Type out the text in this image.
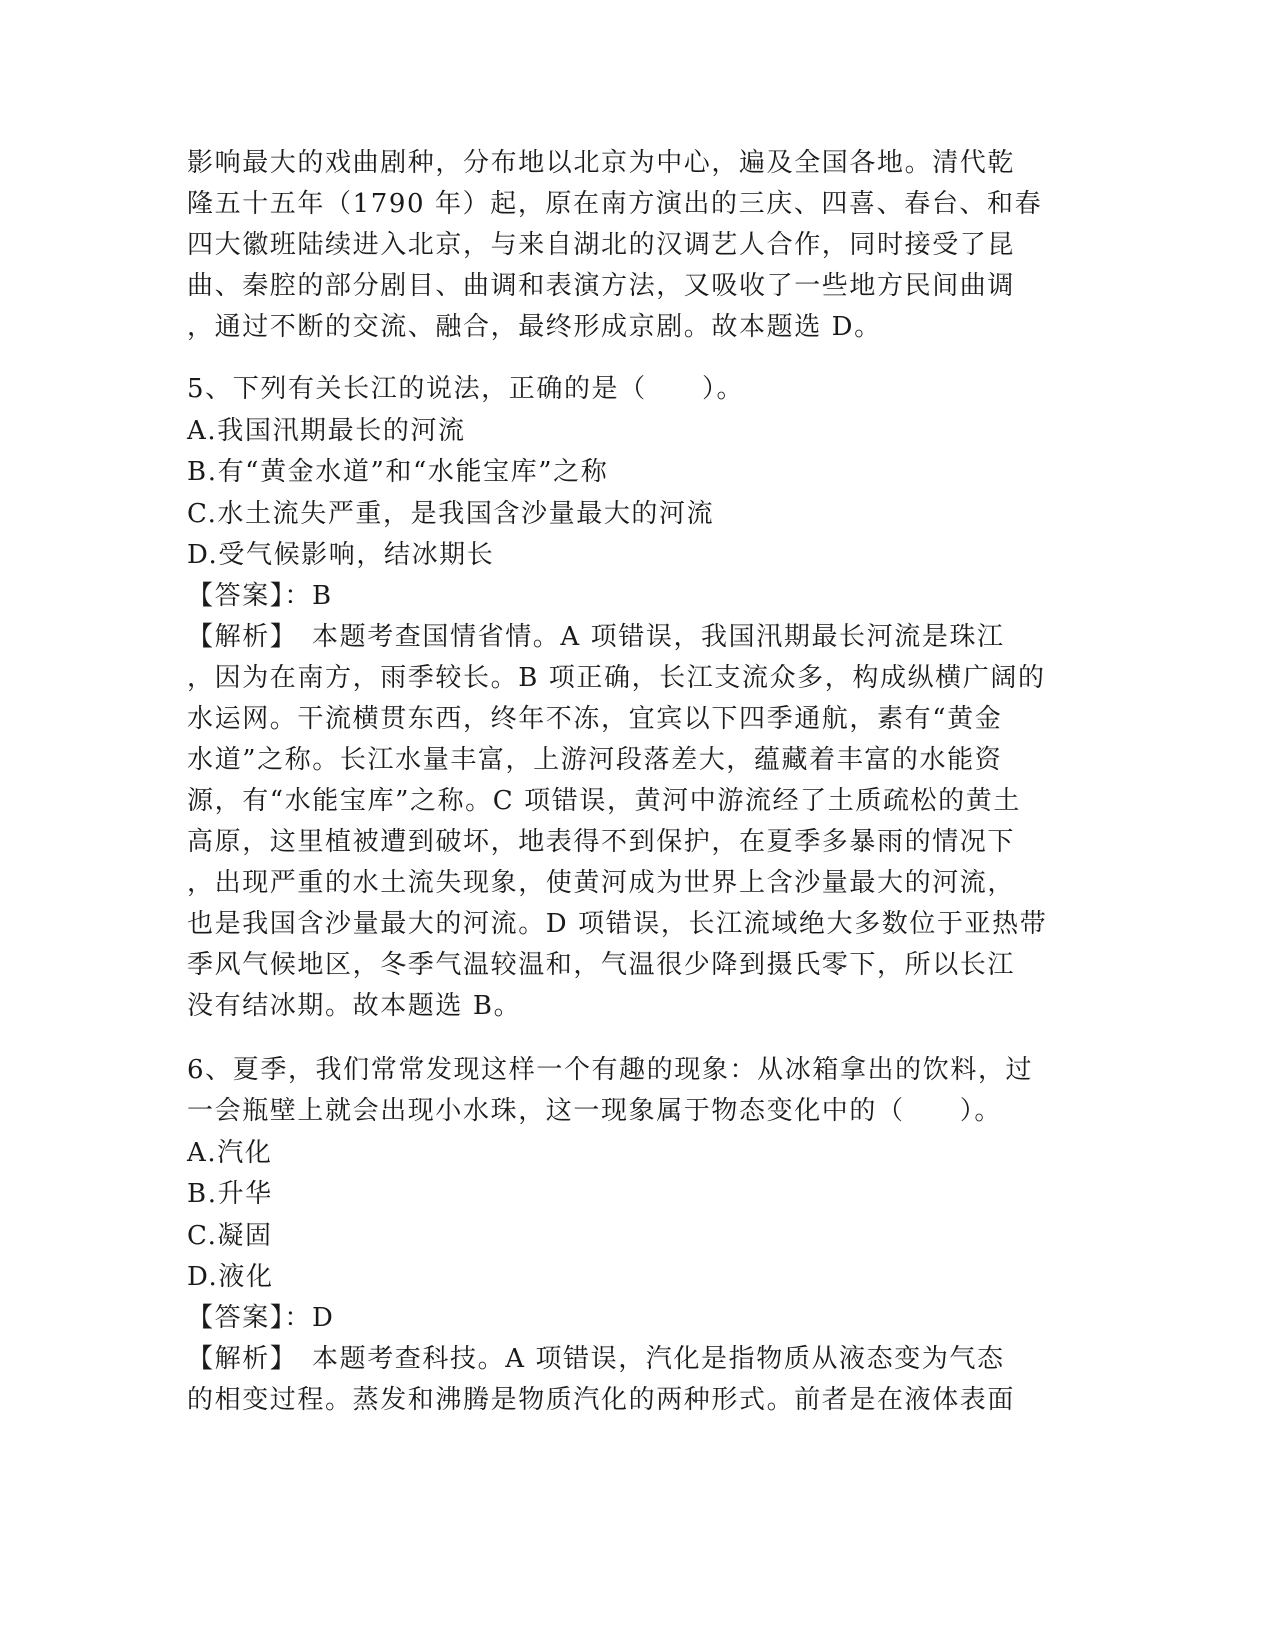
影响最大的戏曲剧种，分布地以北京为中心，遍及全国各地。清代乾
隆五十五年（1790 年）起，原在南方演出的三庆、四喜、春台、和春
四大徽班陆续进入北京，与来自湖北的汉调艺人合作，同时接受了昆
曲、秦腔的部分剧目、曲调和表演方法，又吸收了一些地方民间曲调
，通过不断的交流、融合，最终形成京剧。故本题选 D。
5、下列有关长江的说法，正确的是（　　）。
A.我国汛期最长的河流
B.有“黄金水道”和“水能宝库”之称
C.水土流失严重，是我国含沙量最大的河流
D.受气候影响，结冰期长
【答案】：B
【解析】　本题考查国情省情。A 项错误，我国汛期最长河流是珠江
，因为在南方，雨季较长。B 项正确，长江支流众多，构成纵横广阔的
水运网。干流横贯东西，终年不冻，宜宾以下四季通航，素有“黄金
水道”之称。长江水量丰富，上游河段落差大，蕴藏着丰富的水能资
源，有“水能宝库”之称。C 项错误，黄河中游流经了土质疏松的黄土
高原，这里植被遭到破坏，地表得不到保护，在夏季多暴雨的情况下
，出现严重的水土流失现象，使黄河成为世界上含沙量最大的河流，
也是我国含沙量最大的河流。D 项错误，长江流域绝大多数位于亚热带
季风气候地区，冬季气温较温和，气温很少降到摄氏零下，所以长江
没有结冰期。故本题选 B。
6、夏季，我们常常发现这样一个有趣的现象：从冰箱拿出的饮料，过
一会瓶壁上就会出现小水珠，这一现象属于物态变化中的（　　）。
A.汽化
B.升华
C.凝固
D.液化
【答案】：D
【解析】　本题考查科技。A 项错误，汽化是指物质从液态变为气态
的相变过程。蒸发和沸腾是物质汽化的两种形式。前者是在液体表面
